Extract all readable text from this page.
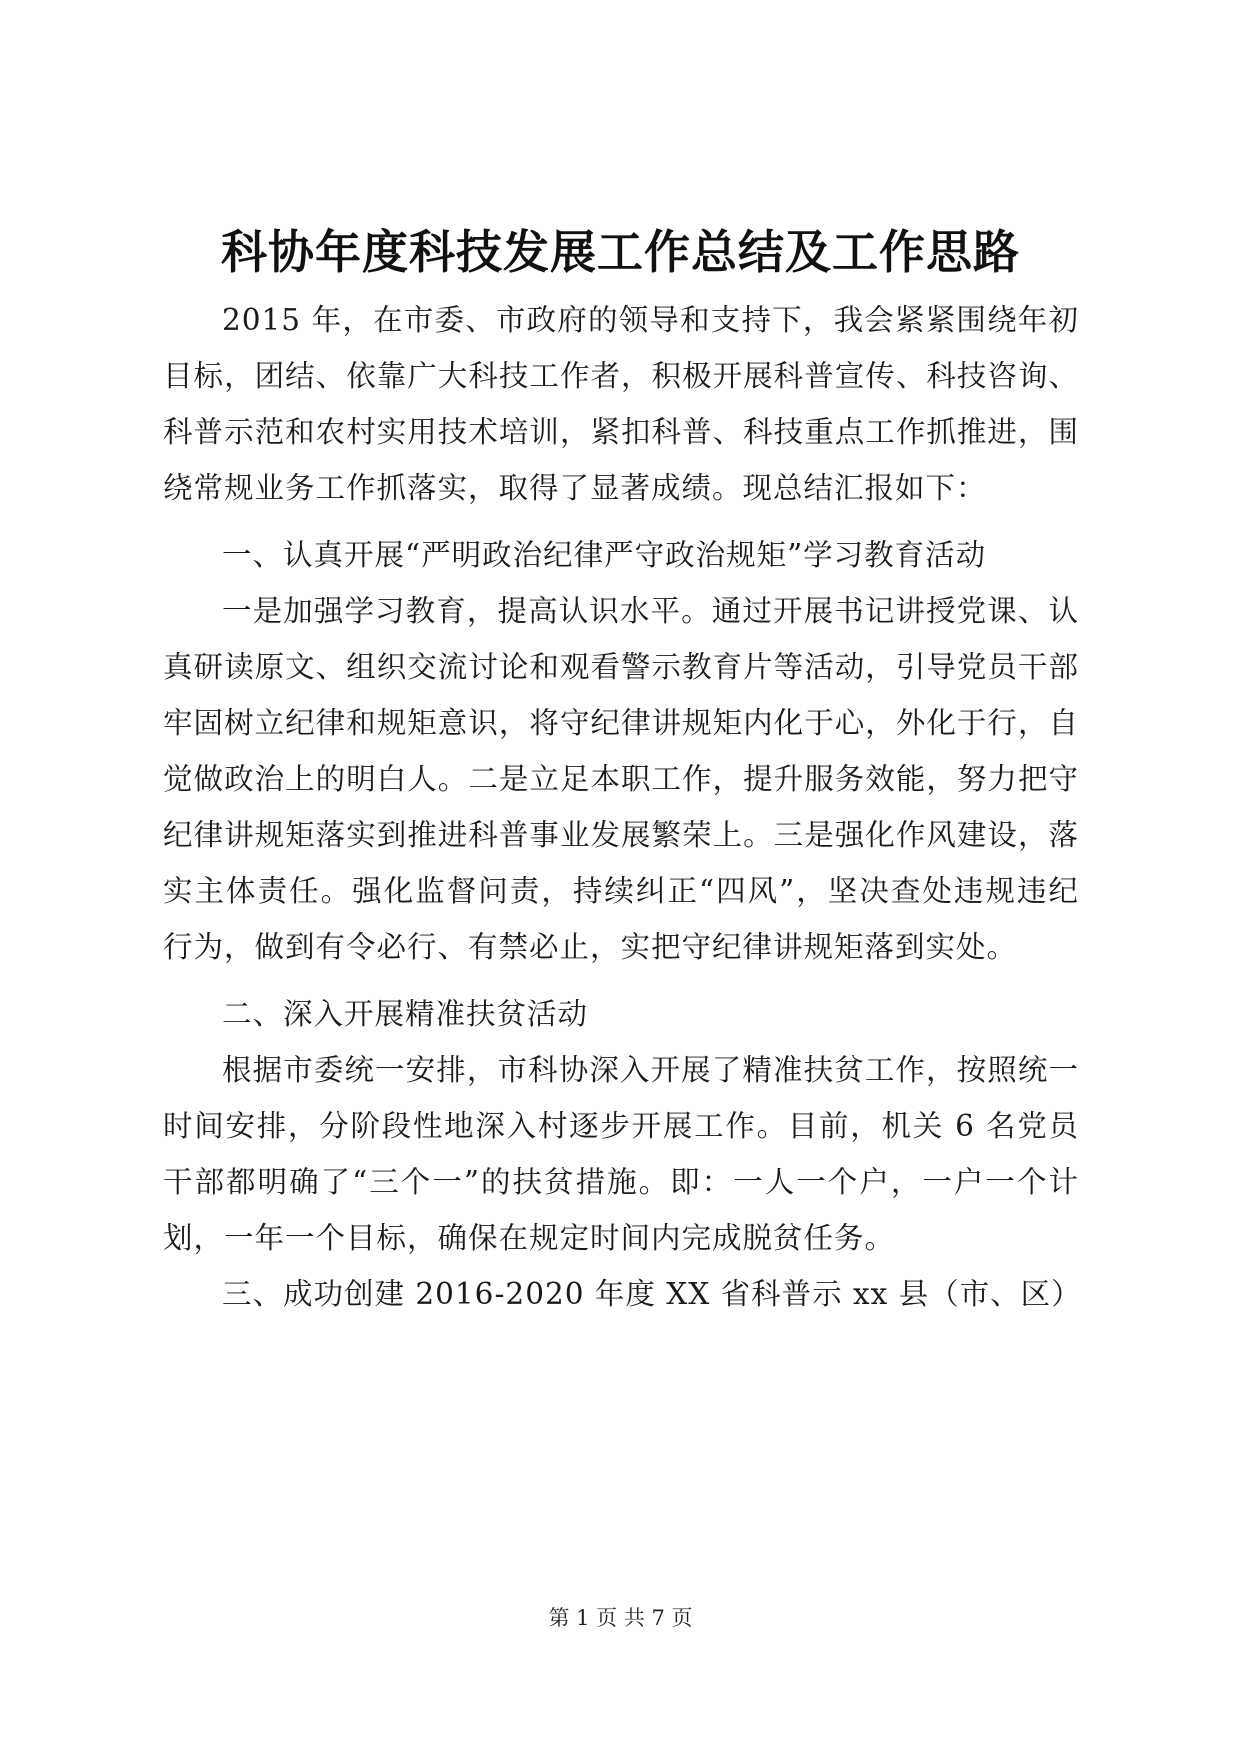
科协年度科技发展工作总结及工作思路

2015 年，在市委、市政府的领导和支持下，我会紧紧围绕年初目标，团结、依靠广大科技工作者，积极开展科普宣传、科技咨询、科普示范和农村实用技术培训，紧扣科普、科技重点工作抓推进，围绕常规业务工作抓落实，取得了显著成绩。现总结汇报如下：

一、认真开展“严明政治纪律严守政治规矩”学习教育活动

一是加强学习教育，提高认识水平。通过开展书记讲授党课、认真研读原文、组织交流讨论和观看警示教育片等活动，引导党员干部牢固树立纪律和规矩意识，将守纪律讲规矩内化于心，外化于行，自觉做政治上的明白人。二是立足本职工作，提升服务效能，努力把守纪律讲规矩落实到推进科普事业发展繁荣上。三是强化作风建设，落实主体责任。强化监督问责，持续纠正“四风”，坚决查处违规违纪行为，做到有令必行、有禁必止，实把守纪律讲规矩落到实处。

二、深入开展精准扶贫活动

根据市委统一安排，市科协深入开展了精准扶贫工作，按照统一时间安排，分阶段性地深入村逐步开展工作。目前，机关 6 名党员干部都明确了“三个一”的扶贫措施。即：一人一个户，一户一个计划，一年一个目标，确保在规定时间内完成脱贫任务。

三、成功创建 2016-2020 年度 XX 省科普示 xx 县（市、区）

第 1 页 共 7 页
